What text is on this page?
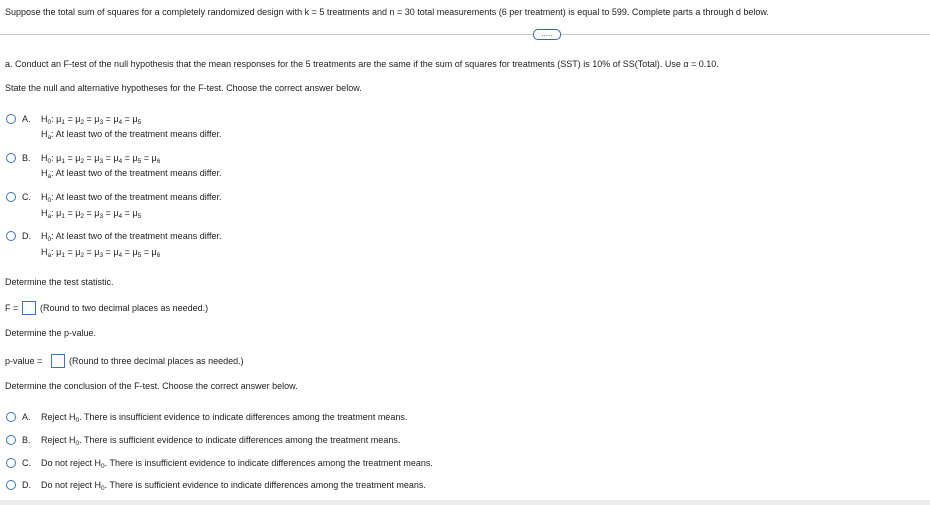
Suppose the total sum of squares for a completely randomized design with k = 5 treatments and n = 30 total measurements (6 per treatment) is equal to 599. Complete parts a through d below.
.....
a. Conduct an F-test of the null hypothesis that the mean responses for the 5 treatments are the same if the sum of squares for treatments (SST) is 10% of SS(Total). Use α = 0.10.
State the null and alternative hypotheses for the F-test. Choose the correct answer below.
A. $H_0$: $\mu_1 = \mu_2 = \mu_3 = \mu_4 = \mu_5$
$H_a$: At least two of the treatment means differ.
B. $H_0$: $\mu_1 = \mu_2 = \mu_3 = \mu_4 = \mu_5 = \mu_6$
$H_a$: At least two of the treatment means differ.
C. $H_0$: At least two of the treatment means differ.
$H_a$: $\mu_1 = \mu_2 = \mu_3 = \mu_4 = \mu_5$
D. $H_0$: At least two of the treatment means differ.
$H_a$: $\mu_1 = \mu_2 = \mu_3 = \mu_4 = \mu_5 = \mu_6$
Determine the test statistic.
F = (Round to two decimal places as needed.)
Determine the p-value.
p-value =	(Round to three decimal places as needed.)
Determine the conclusion of the F-test. Choose the correct answer below.
A. Reject $H_0$. There is insufficient evidence to indicate differences among the treatment means.
B. Reject $H_0$. There is sufficient evidence to indicate differences among the treatment means.
C. Do not reject $H_0$. There is insufficient evidence to indicate differences among the treatment means.
D. Do not reject $H_0$. There is sufficient evidence to indicate differences among the treatment means.
